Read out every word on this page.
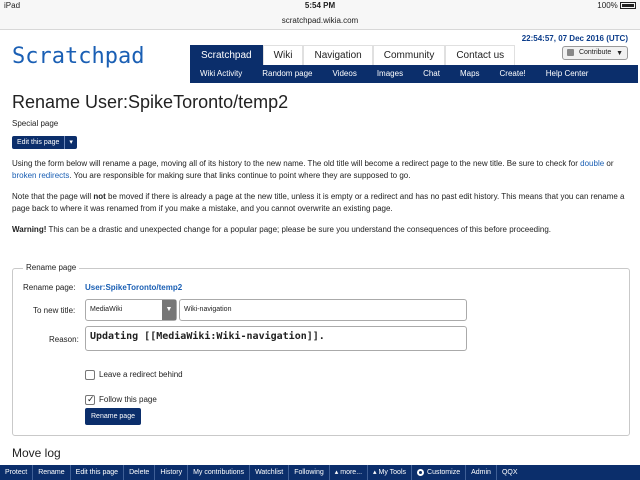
iPad	5:54 PM	100%
scratchpad.wikia.com
22:54:57, 07 Dec 2016 (UTC)
Scratchpad	Contribute ▼
Scratchpad	Wiki	Navigation	Community	Contact us
Wiki Activity	Random page	Videos	Images	Chat	Maps	Create!	Help Center
Rename User:SpikeToronto/temp2
Special page
Edit this page	▾
Using the form below will rename a page, moving all of its history to the new name. The old title will become a redirect page to the new title. Be sure to check for double or broken redirects. You are responsible for making sure that links continue to point where they are supposed to go.
Note that the page will not be moved if there is already a page at the new title, unless it is empty or a redirect and has no past edit history. This means that you can rename a page back to where it was renamed from if you make a mistake, and you cannot overwrite an existing page.
Warning! This can be a drastic and unexpected change for a popular page; please be sure you understand the consequences of this before proceeding.
Rename page
Rename page: User:SpikeToronto/temp2
To new title:	MediaWiki	▼	Wiki-navigation
Reason:	Updating [[MediaWiki:Wiki-navigation]].
Leave a redirect behind
✓
Follow this page
Rename page
Move log
Protect	Rename	Edit this page	Delete	History	My contributions	Watchlist	Following	▴ more...	▴ My Tools	Customize	Admin	QQX
